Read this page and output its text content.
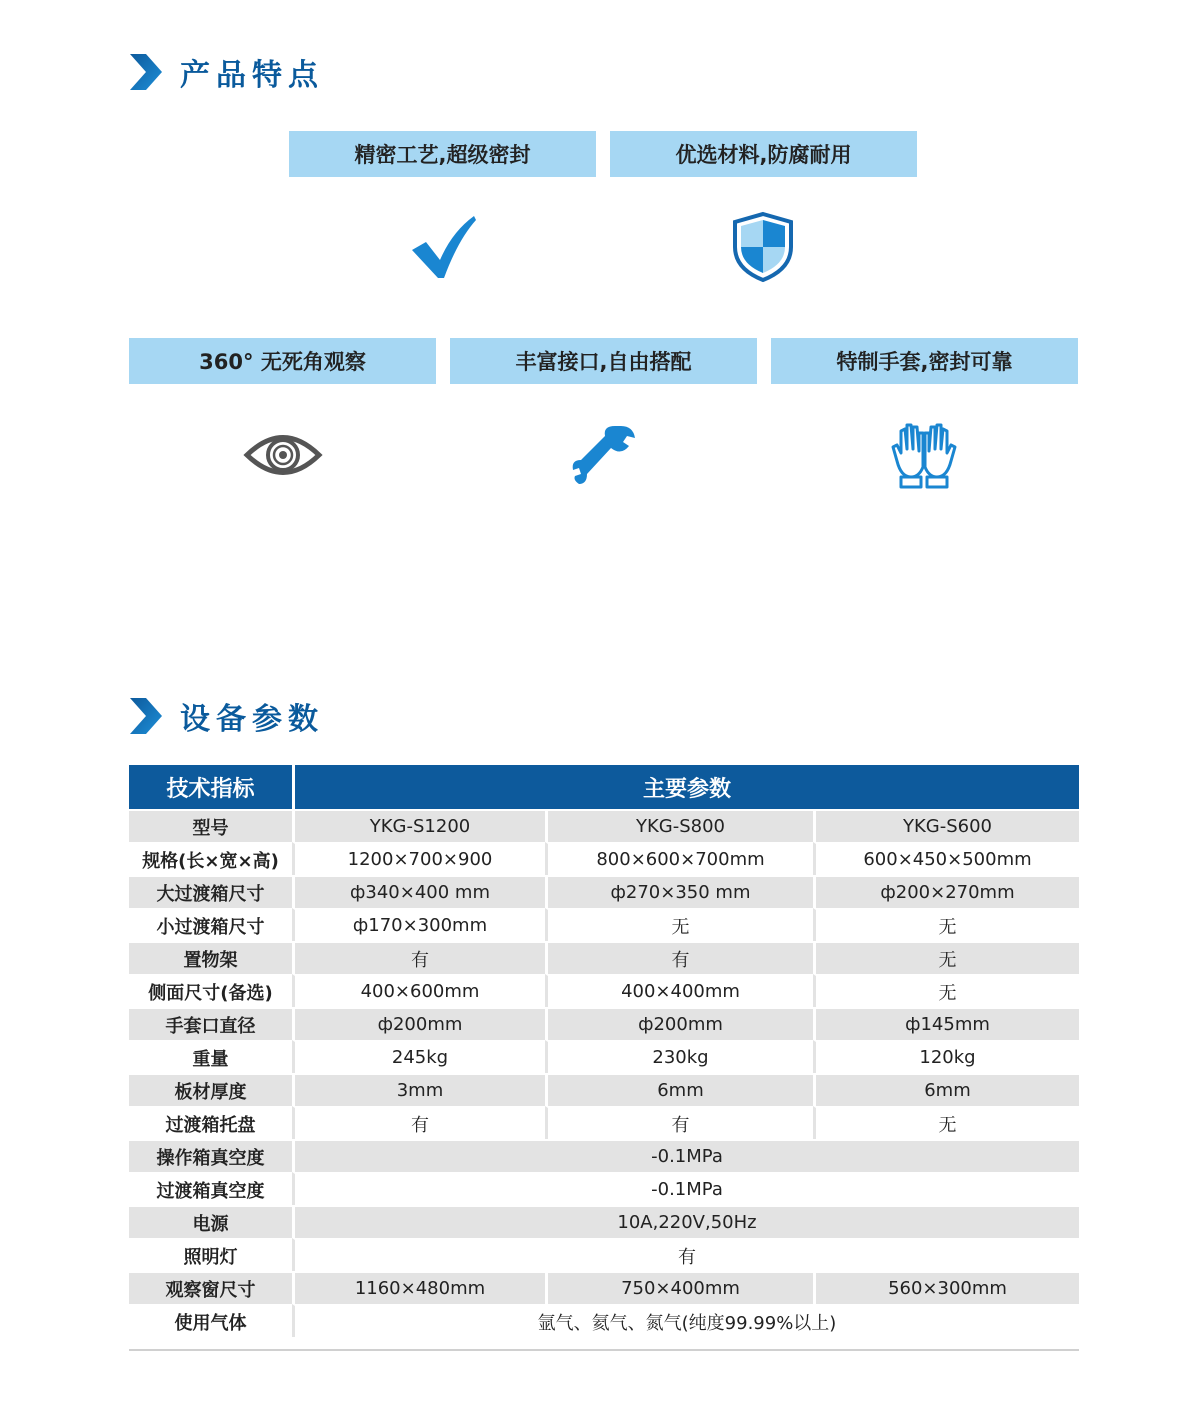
产品特点
精密工艺,超级密封	优选材料,防腐耐用
360° 无死角观察	丰富接口,自由搭配	特制手套,密封可靠
设备参数
技术指标	主要参数		
型号	YKG-S1200	YKG-S800	YKG-S600
规格(长×宽×高)	1200×700×900	800×600×700mm	600×450×500mm
大过渡箱尺寸	ф340×400 mm	ф270×350 mm	ф200×270mm
小过渡箱尺寸	ф170×300mm	无	无
置物架	有	有	无
侧面尺寸(备选)	400×600mm	400×400mm	无
手套口直径	ф200mm	ф200mm	ф145mm
重量	245kg	230kg	120kg
板材厚度	3mm	6mm	6mm
过渡箱托盘	有	有	无
操作箱真空度	-0.1MPa		
过渡箱真空度	-0.1MPa		
电源	10A,220V,50Hz		
照明灯	有		
观察窗尺寸	1160×480mm	750×400mm	560×300mm
使用气体	氩气、氦气、氮气(纯度99.99%以上)		
